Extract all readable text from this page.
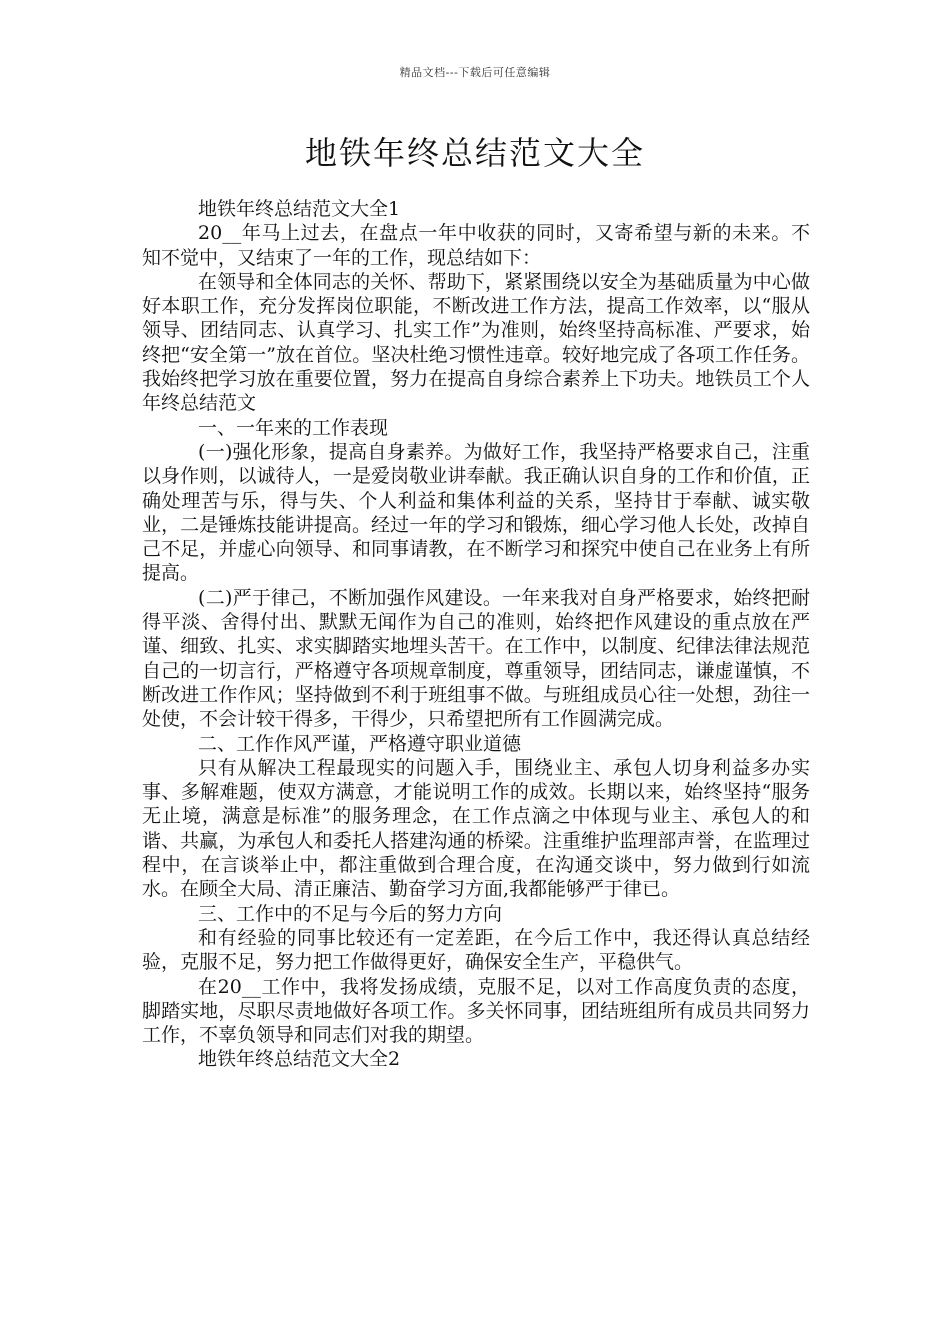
精品文档---下载后可任意编辑
地铁年终总结范文大全

地铁年终总结范文大全1

20__年马上过去，在盘点一年中收获的同时，又寄希望与新的未来。不知不觉中，又结束了一年的工作，现总结如下：

在领导和全体同志的关怀、帮助下，紧紧围绕以安全为基础质量为中心做好本职工作，充分发挥岗位职能，不断改进工作方法，提高工作效率，以“服从领导、团结同志、认真学习、扎实工作”为准则，始终坚持高标准、严要求，始终把“安全第一”放在首位。坚决杜绝习惯性违章。较好地完成了各项工作任务。我始终把学习放在重要位置，努力在提高自身综合素养上下功夫。地铁员工个人年终总结范文

一、一年来的工作表现

(一)强化形象，提高自身素养。为做好工作，我坚持严格要求自己，注重以身作则，以诚待人，一是爱岗敬业讲奉献。我正确认识自身的工作和价值，正确处理苦与乐，得与失、个人利益和集体利益的关系，坚持甘于奉献、诚实敬业，二是锤炼技能讲提高。经过一年的学习和锻炼，细心学习他人长处，改掉自己不足，并虚心向领导、和同事请教，在不断学习和探究中使自己在业务上有所提高。

(二)严于律己，不断加强作风建设。一年来我对自身严格要求，始终把耐得平淡、舍得付出、默默无闻作为自己的准则，始终把作风建设的重点放在严谨、细致、扎实、求实脚踏实地埋头苦干。在工作中，以制度、纪律法律法规范自己的一切言行，严格遵守各项规章制度，尊重领导，团结同志，谦虚谨慎，不断改进工作作风；坚持做到不利于班组事不做。与班组成员心往一处想，劲往一处使，不会计较干得多，干得少，只希望把所有工作圆满完成。

二、工作作风严谨，严格遵守职业道德

只有从解决工程最现实的问题入手，围绕业主、承包人切身利益多办实事、多解难题，使双方满意，才能说明工作的成效。长期以来，始终坚持“服务无止境，满意是标准”的服务理念，在工作点滴之中体现与业主、承包人的和谐、共赢，为承包人和委托人搭建沟通的桥梁。注重维护监理部声誉，在监理过程中，在言谈举止中，都注重做到合理合度，在沟通交谈中，努力做到行如流水。在顾全大局、清正廉洁、勤奋学习方面,我都能够严于律已。

三、工作中的不足与今后的努力方向

和有经验的同事比较还有一定差距，在今后工作中，我还得认真总结经验，克服不足，努力把工作做得更好，确保安全生产，平稳供气。

在20__工作中，我将发扬成绩，克服不足，以对工作高度负责的态度，脚踏实地，尽职尽责地做好各项工作。多关怀同事，团结班组所有成员共同努力工作，不辜负领导和同志们对我的期望。

地铁年终总结范文大全2
